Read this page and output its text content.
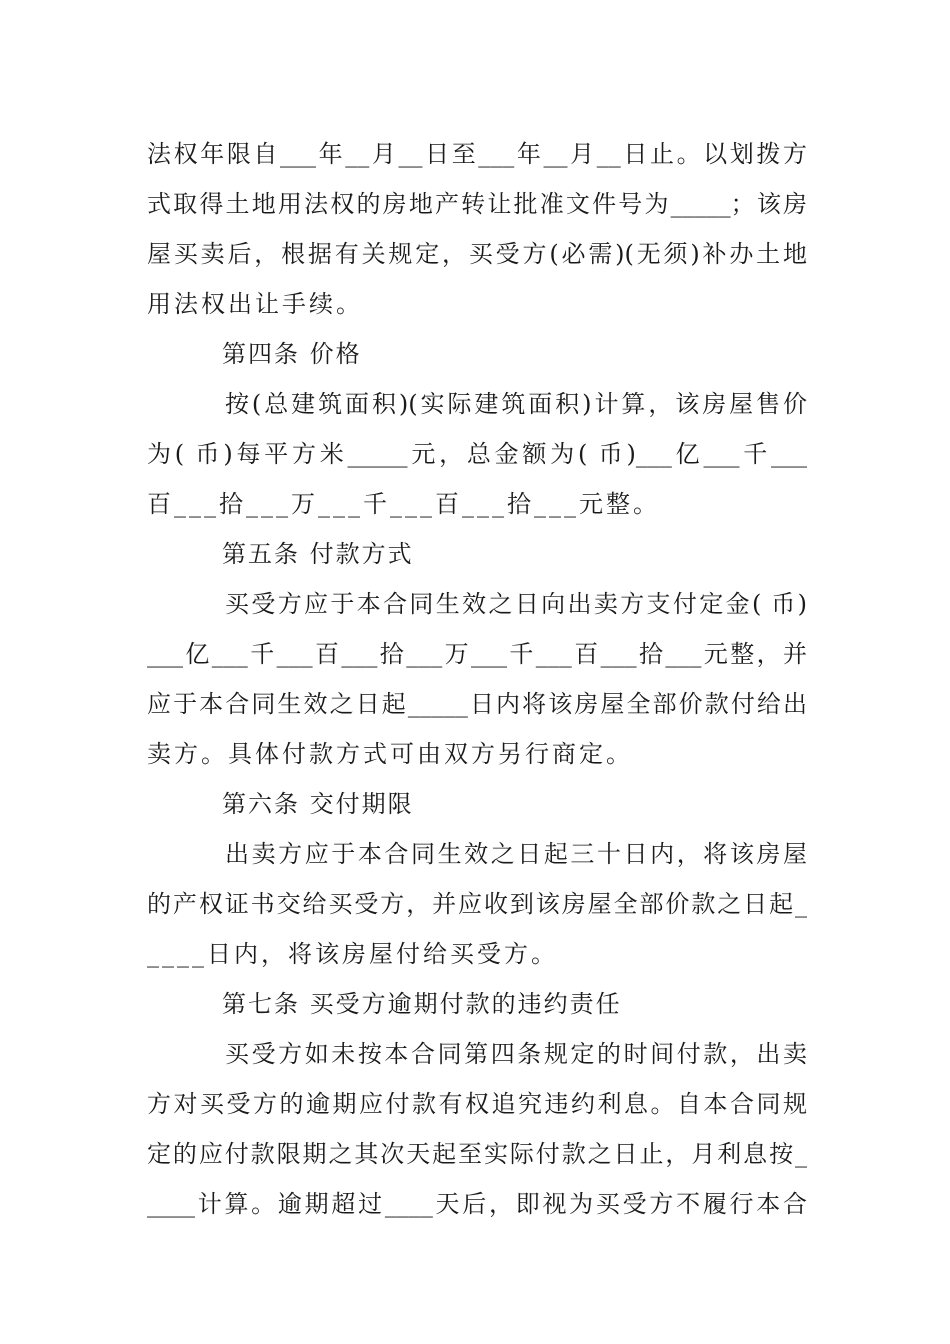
法权年限自___年__月__日至___年__月__日止。以划拨方
式取得土地用法权的房地产转让批准文件号为_____；该房
屋买卖后，根据有关规定，买受方(必需)(无须)补办土地
用法权出让手续。
第四条 价格
按(总建筑面积)(实际建筑面积)计算，该房屋售价
为( 币)每平方米_____元，总金额为( 币)___亿___千___
百___拾___万___千___百___拾___元整。
第五条 付款方式
买受方应于本合同生效之日向出卖方支付定金( 币)
___亿___千___百___拾___万___千___百___拾___元整，并
应于本合同生效之日起_____日内将该房屋全部价款付给出
卖方。具体付款方式可由双方另行商定。
第六条 交付期限
出卖方应于本合同生效之日起三十日内，将该房屋
的产权证书交给买受方，并应收到该房屋全部价款之日起_
____日内，将该房屋付给买受方。
第七条 买受方逾期付款的违约责任
买受方如未按本合同第四条规定的时间付款，出卖
方对买受方的逾期应付款有权追究违约利息。自本合同规
定的应付款限期之其次天起至实际付款之日止，月利息按_
____计算。逾期超过____天后，即视为买受方不履行本合
